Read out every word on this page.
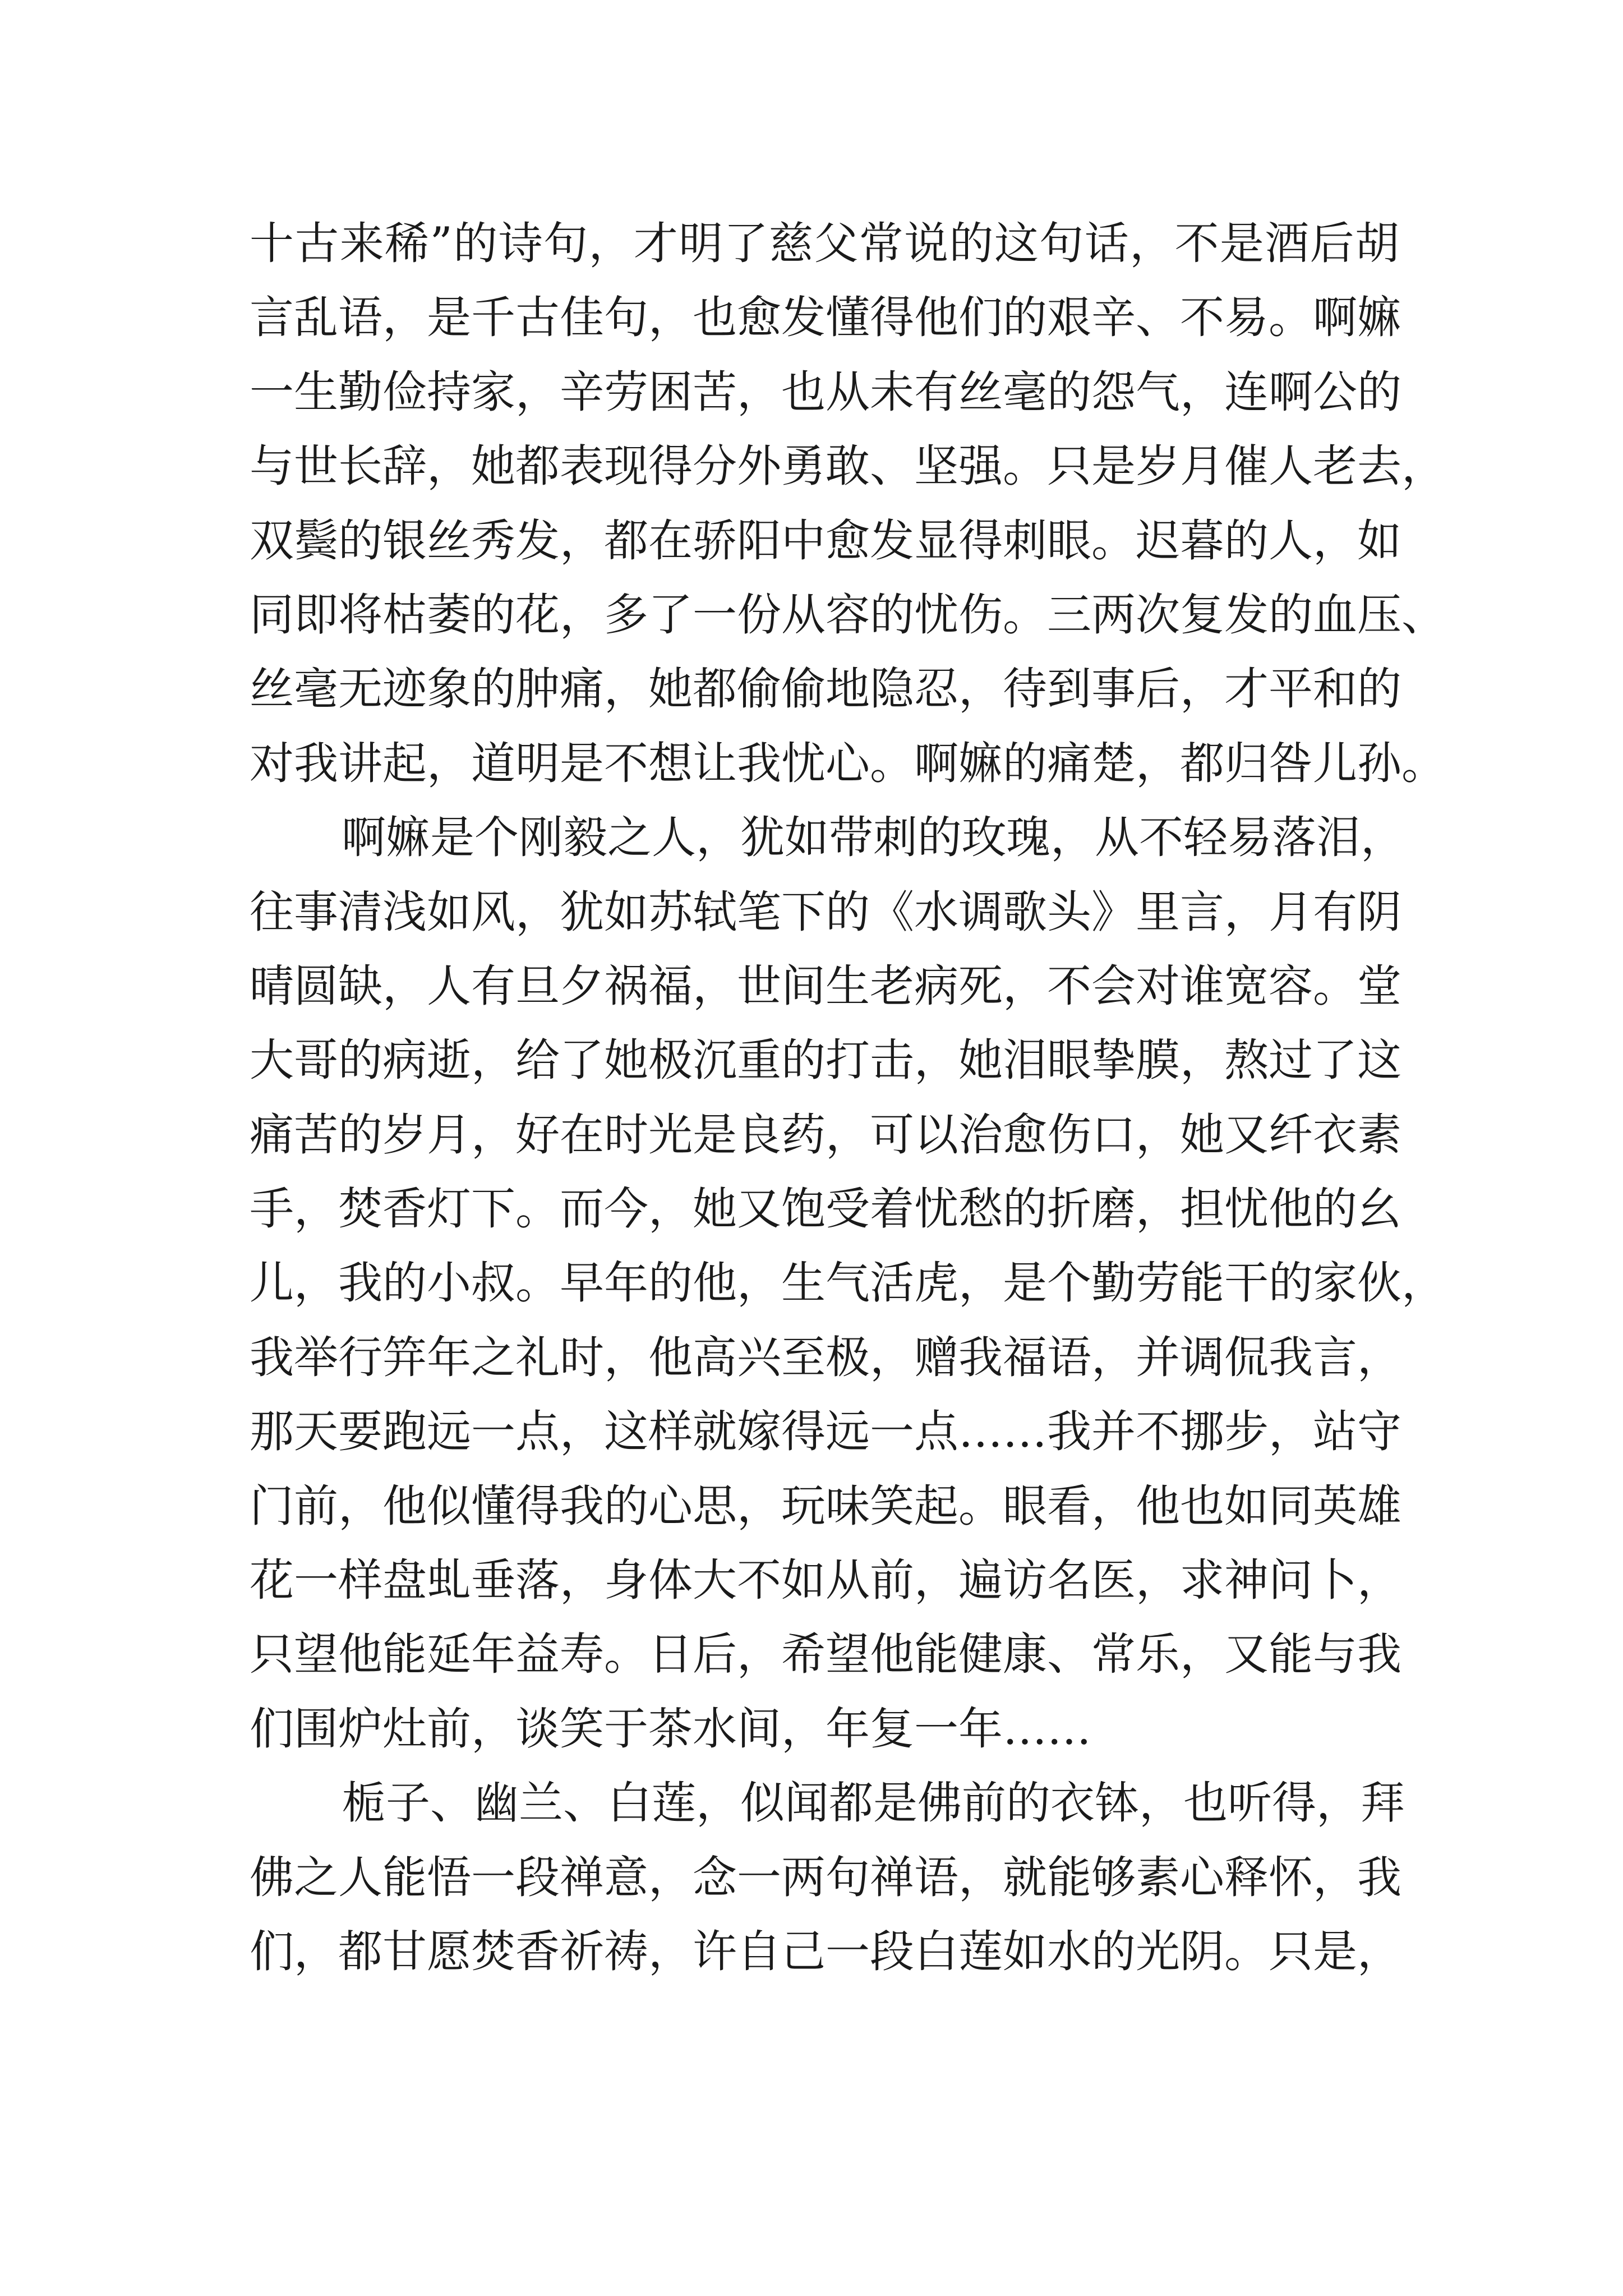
十古来稀”的诗句，才明了慈父常说的这句话，不是酒后胡
言乱语，是千古佳句，也愈发懂得他们的艰辛、不易。啊嫲
一生勤俭持家，辛劳困苦，也从未有丝毫的怨气，连啊公的
与世长辞，她都表现得分外勇敢、坚强。只是岁月催人老去，
双鬓的银丝秀发，都在骄阳中愈发显得刺眼。迟暮的人，如
同即将枯萎的花，多了一份从容的忧伤。三两次复发的血压、
丝毫无迹象的肿痛，她都偷偷地隐忍，待到事后，才平和的
对我讲起，道明是不想让我忧心。啊嫲的痛楚，都归咎儿孙。
啊嫲是个刚毅之人，犹如带刺的玫瑰，从不轻易落泪，
往事清浅如风，犹如苏轼笔下的《水调歌头》里言，月有阴
晴圆缺，人有旦夕祸福，世间生老病死，不会对谁宽容。堂
大哥的病逝，给了她极沉重的打击，她泪眼挚膜，熬过了这
痛苦的岁月，好在时光是良药，可以治愈伤口，她又纤衣素
手，焚香灯下。而今，她又饱受着忧愁的折磨，担忧他的幺
儿，我的小叔。早年的他，生气活虎，是个勤劳能干的家伙，
我举行笄年之礼时，他高兴至极，赠我福语，并调侃我言，
那天要跑远一点，这样就嫁得远一点……我并不挪步，站守
门前，他似懂得我的心思，玩味笑起。眼看，他也如同英雄
花一样盘虬垂落，身体大不如从前，遍访名医，求神问卜，
只望他能延年益寿。日后，希望他能健康、常乐，又能与我
们围炉灶前，谈笑于茶水间，年复一年……
栀子、幽兰、白莲，似闻都是佛前的衣钵，也听得，拜
佛之人能悟一段禅意，念一两句禅语，就能够素心释怀，我
们，都甘愿焚香祈祷，许自己一段白莲如水的光阴。只是，
